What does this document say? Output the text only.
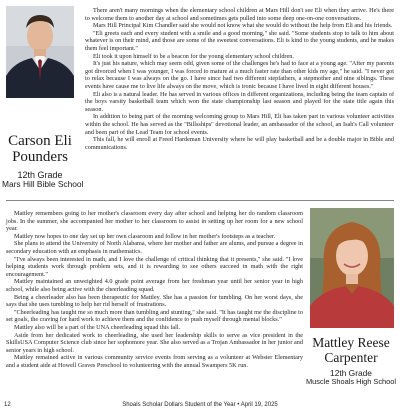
Carson Eli
Pounders
12th Grade
Mars Hill Bible School

There aren't many mornings when the elementary school children at Mars Hill don't see Eli when they arrive. He's there to welcome them to another day at school and sometimes gets pulled into some deep one-on-one conversations.

Mars Hill Principal Kim Chandler said she would not know what she would do without the help from Eli and his friends.

"Eli greets each and every student with a smile and a good morning," she said. "Some students stop to talk to him about whatever is on their mind, and those are some of the sweetest conversations. Eli is kind to the young students, and he makes them feel important."

Eli took it upon himself to be a beacon for the young elementary school children.

It's just his nature, which may seem odd, given some of the challenges he's had to face at a young age. "After my parents got divorced when I was younger, I was forced to mature at a much faster rate than other kids my age," he said. "I never got to relax because I was always on the go. I have since had two different stepfathers, a stepmother and nine siblings. These events have cause me to live life always on the move, which is ironic because I have lived in eight different houses."

Eli also is a natural leader. He has served in various offices in different organizations, including being the team captain of the boys varsity basketball team which won the state championship last season and played for the state title again this season.

In addition to being part of the morning welcoming group to Mars Hill, Eli has taken part in various volunteer activities within the school. He has served as the "Billsships" devotional leader, an ambassador of the school, an Isah's Call volunteer and been part of the Lead Team for school events.

This fall, he will enroll at Freed Hardeman University where he will play basketball and be a double major in Bible and communications.

Mattley remembers going to her mother's classroom every day after school and helping her do random classroom jobs. In the summer, she accompanied her mother to her classroom to assist in setting up her room for a new school year.

Mattley now hopes to one day set up her own classroom and follow in her mother's footsteps as a teacher.

She plans to attend the University of North Alabama, where her mother and father are alums, and pursue a degree in secondary education with an emphasis in mathematics.

"I've always been interested in math, and I love the challenge of critical thinking that it presents," she said. "I love helping students work through problem sets, and it is rewarding to see others succeed in math with the right encouragement."

Mattley maintained an unweighted 4.0 grade point average from her freshman year until her senior year in high school, while also being active with the cheerleading squad.

Being a cheerleader also has been therapeutic for Mattley. She has a passion for tumbling. On her worst days, she says that she uses tumbling to help her rid herself of frustrations.

"Cheerleading has taught me so much more than tumbling and stunting," she said. "It has taught me the discipline to set goals, the craving for hard work to achieve them and the confidence to push myself through mental blocks."

Mattley also will be a part of the UNA cheerleading squad this fall.

Aside from her dedicated work to cheerleading, she used her leadership skills to serve as vice president in the SkillsUSA Computer Science club since her sophomore year. She also served as a Trojan Ambassador in her junior and senior years in high school.

Mattley remained active in various community service events from serving as a volunteer at Webster Elementary and a student aide at Howell Graves Preschool to volunteering with the annual Swampers 5K run.

Mattley Reese
Carpenter
12th Grade
Muscle Shoals High School
12	Shoals Scholar Dollars Student of the Year • April 19, 2025
